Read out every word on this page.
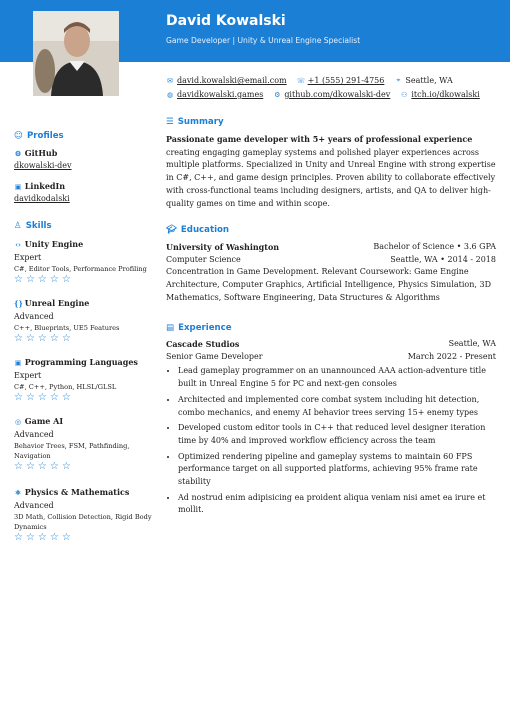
David Kowalski
Game Developer | Unity & Unreal Engine Specialist
✉ david.kowalski@email.com ☏ +1 (555) 291-4756 ⌖ Seattle, WA
◍ davidkowalski.games ⚙ github.com/dkowalski-dev ⚇ itch.io/dkowalski
☺ Profiles
⚙ GitHub
dkowalski-dev
▣ LinkedIn
davidkodalski
♙ Skills
‹› Unity Engine
Expert
C#, Editor Tools, Performance Profiling
☆☆☆☆☆
{} Unreal Engine
Advanced
C++, Blueprints, UE5 Features
☆☆☆☆☆
▣ Programming Languages
Expert
C#, C++, Python, HLSL/GLSL
☆☆☆☆☆
◎ Game AI
Advanced
Behavior Trees, FSM, Pathfinding, Navigation
☆☆☆☆☆
⚛ Physics & Mathematics
Advanced
3D Math, Collision Detection, Rigid Body Dynamics
☆☆☆☆☆
☰ Summary
Passionate game developer with 5+ years of professional experience creating engaging gameplay systems and polished player experiences across multiple platforms. Specialized in Unity and Unreal Engine with strong expertise in C#, C++, and game design principles. Proven ability to collaborate effectively with cross-functional teams including designers, artists, and QA to deliver high-quality games on time and within scope.
🎓︎ Education
University of Washington	Bachelor of Science • 3.6 GPA
Computer Science	Seattle, WA • 2014 - 2018
Concentration in Game Development. Relevant Coursework: Game Engine Architecture, Computer Graphics, Artificial Intelligence, Physics Simulation, 3D Mathematics, Software Engineering, Data Structures & Algorithms
▤ Experience
Cascade Studios	Seattle, WA
Senior Game Developer	March 2022 - Present
• Lead gameplay programmer on an unannounced AAA action-adventure title built in Unreal Engine 5 for PC and next-gen consoles
• Architected and implemented core combat system including hit detection, combo mechanics, and enemy AI behavior trees serving 15+ enemy types
• Developed custom editor tools in C++ that reduced level designer iteration time by 40% and improved workflow efficiency across the team
• Optimized rendering pipeline and gameplay systems to maintain 60 FPS performance target on all supported platforms, achieving 95% frame rate stability
• Ad nostrud enim adipisicing ea proident aliqua veniam nisi amet ea irure et mollit.
